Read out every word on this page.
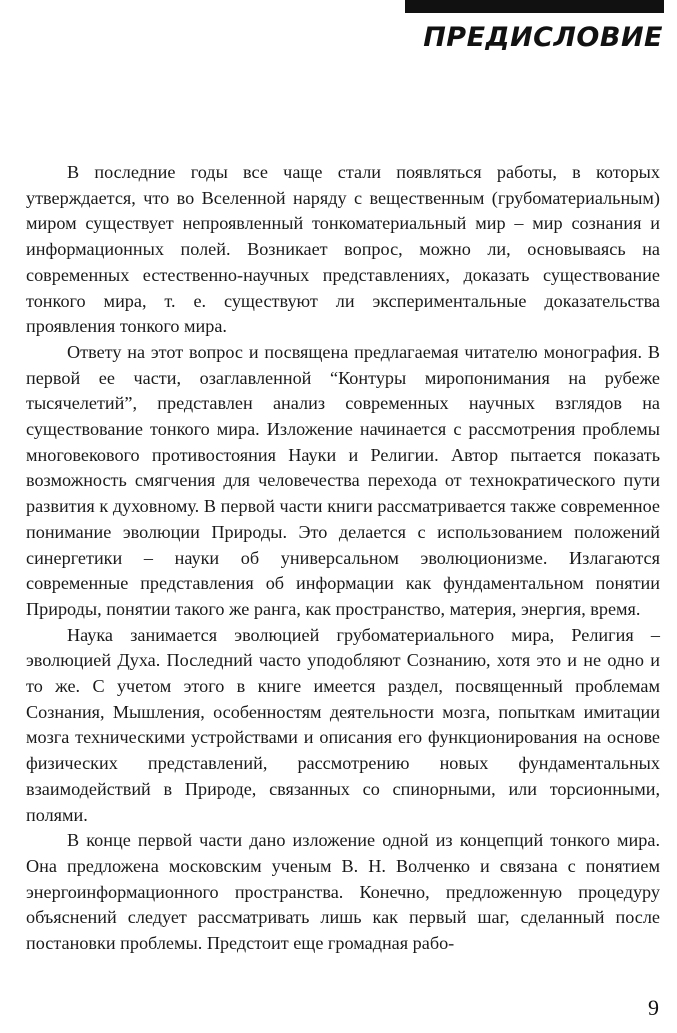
ПРЕДИСЛОВИЕ

В последние годы все чаще стали появляться работы, в которых утверждается, что во Вселенной наряду с вещественным (грубоматериальным) миром существует непроявленный тонкоматериальный мир – мир сознания и информационных полей. Возникает вопрос, можно ли, основываясь на современных естественно-научных представлениях, доказать существование тонкого мира, т. е. существуют ли экспериментальные доказательства проявления тонкого мира.

Ответу на этот вопрос и посвящена предлагаемая читателю монография. В первой ее части, озаглавленной “Контуры миропонимания на рубеже тысячелетий”, представлен анализ современных научных взглядов на существование тонкого мира. Изложение начинается с рассмотрения проблемы многовекового противостояния Науки и Религии. Автор пытается показать возможность смягчения для человечества перехода от технократического пути развития к духовному. В первой части книги рассматривается также современное понимание эволюции Природы. Это делается с использованием положений синергетики – науки об универсальном эволюционизме. Излагаются современные представления об информации как фундаментальном понятии Природы, понятии такого же ранга, как пространство, материя, энергия, время.

Наука занимается эволюцией грубоматериального мира, Религия – эволюцией Духа. Последний часто уподобляют Сознанию, хотя это и не одно и то же. С учетом этого в книге имеется раздел, посвященный проблемам Сознания, Мышления, особенностям деятельности мозга, попыткам имитации мозга техническими устройствами и описания его функционирования на основе физических представлений, рассмотрению новых фундаментальных взаимодействий в Природе, связанных со спинорными, или торсионными, полями.

В конце первой части дано изложение одной из концепций тонкого мира. Она предложена московским ученым В. Н. Волченко и связана с понятием энергоинформационного пространства. Конечно, предложенную процедуру объяснений следует рассматривать лишь как первый шаг, сделанный после постановки проблемы. Предстоит еще громадная рабо-

9
